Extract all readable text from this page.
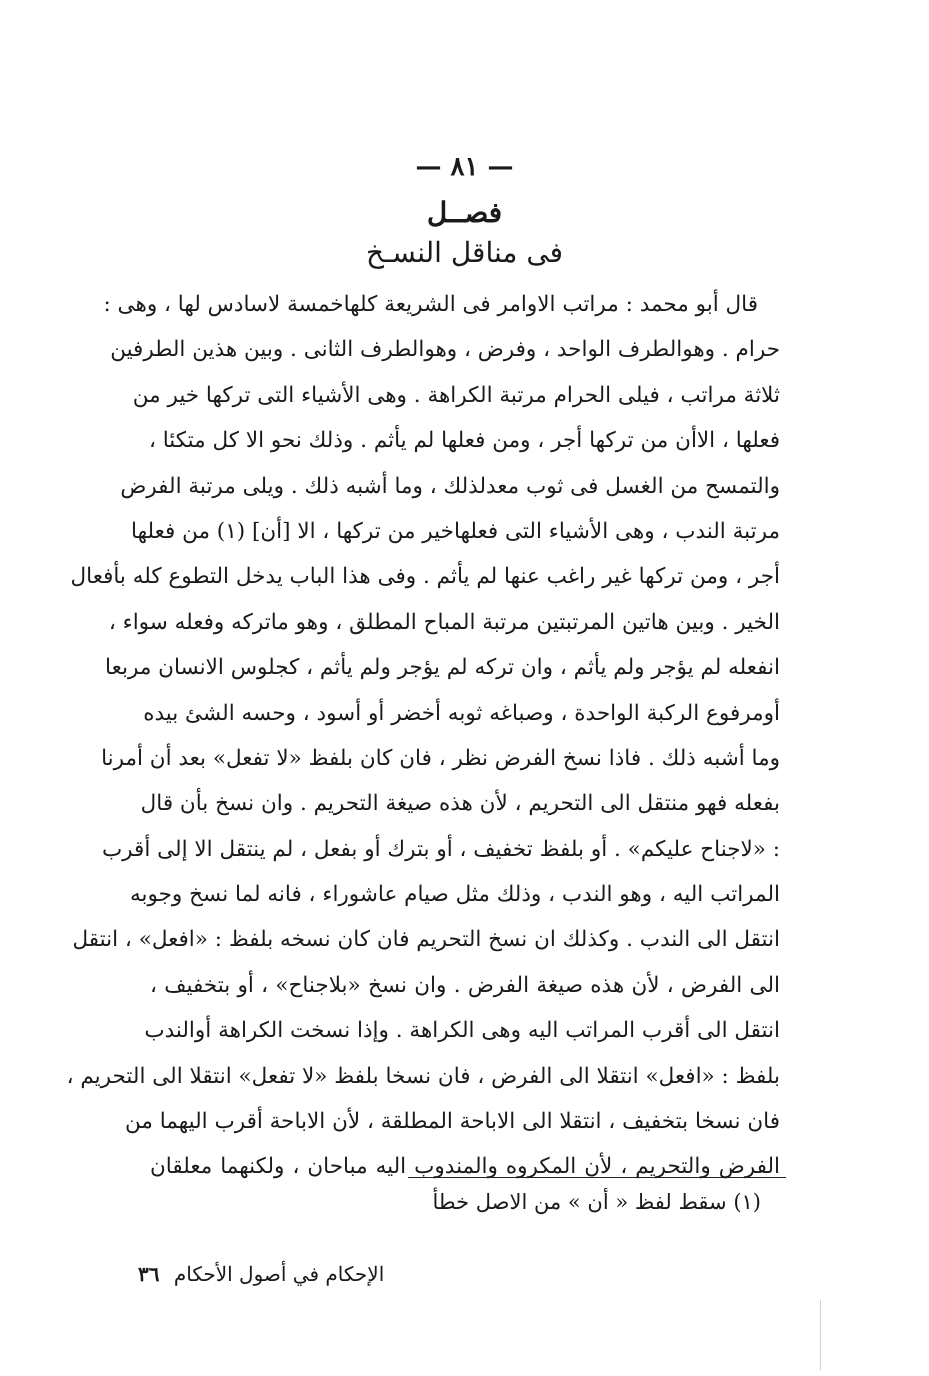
— ٨١ —
فصــل
فى مناقل النسـخ
قال أبو محمد : مراتب الاوامر فى الشريعة كلهاخمسة لاسادس لها ، وهى :
حرام . وهوالطرف الواحد ، وفرض ، وهوالطرف الثانى . وبين هذين الطرفين
ثلاثة مراتب ، فيلى الحرام مرتبة الكراهة . وهى الأشياء التى تركها خير من
فعلها ، الاأن من تركها أجر ، ومن فعلها لم يأثم . وذلك نحو الا كل متكئا ،
والتمسح من الغسل فى ثوب معدلذلك ، وما أشبه ذلك . ويلى مرتبة الفرض
مرتبة الندب ، وهى الأشياء التى فعلهاخير من تركها ، الا [أن] (١) من فعلها
أجر ، ومن تركها غير راغب عنها لم يأثم . وفى هذا الباب يدخل التطوع كله بأفعال
الخير . وبين هاتين المرتبتين مرتبة المباح المطلق ، وهو ماتركه وفعله سواء ،
انفعله لم يؤجر ولم يأثم ، وان تركه لم يؤجر ولم يأثم ، كجلوس الانسان مربعا
أومرفوع الركبة الواحدة ، وصباغه ثوبه أخضر أو أسود ، وحسه الشئ بيده
وما أشبه ذلك . فاذا نسخ الفرض نظر ، فان كان بلفظ «لا تفعل» بعد أن أمرنا
بفعله فهو منتقل الى التحريم ، لأن هذه صيغة التحريم . وان نسخ بأن قال
: «لاجناح عليكم» . أو بلفظ تخفيف ، أو بترك أو بفعل ، لم ينتقل الا إلى أقرب
المراتب اليه ، وهو الندب ، وذلك مثل صيام عاشوراء ، فانه لما نسخ وجوبه
انتقل الى الندب . وكذلك ان نسخ التحريم فان كان نسخه بلفظ : «افعل» ، انتقل
الى الفرض ، لأن هذه صيغة الفرض . وان نسخ «بلاجناح» ، أو بتخفيف ،
انتقل الى أقرب المراتب اليه وهى الكراهة . وإذا نسخت الكراهة أوالندب
بلفظ : «افعل» انتقلا الى الفرض ، فان نسخا بلفظ «لا تفعل» انتقلا الى التحريم ،
فان نسخا بتخفيف ، انتقلا الى الاباحة المطلقة ، لأن الاباحة أقرب اليهما من
الفرض والتحريم ، لأن المكروه والمندوب اليه مباحان ، ولكنهما معلقان
(١) سقط لفظ « أن » من الاصل خطأ
الإحكام في أصول الأحكام ٣٦
